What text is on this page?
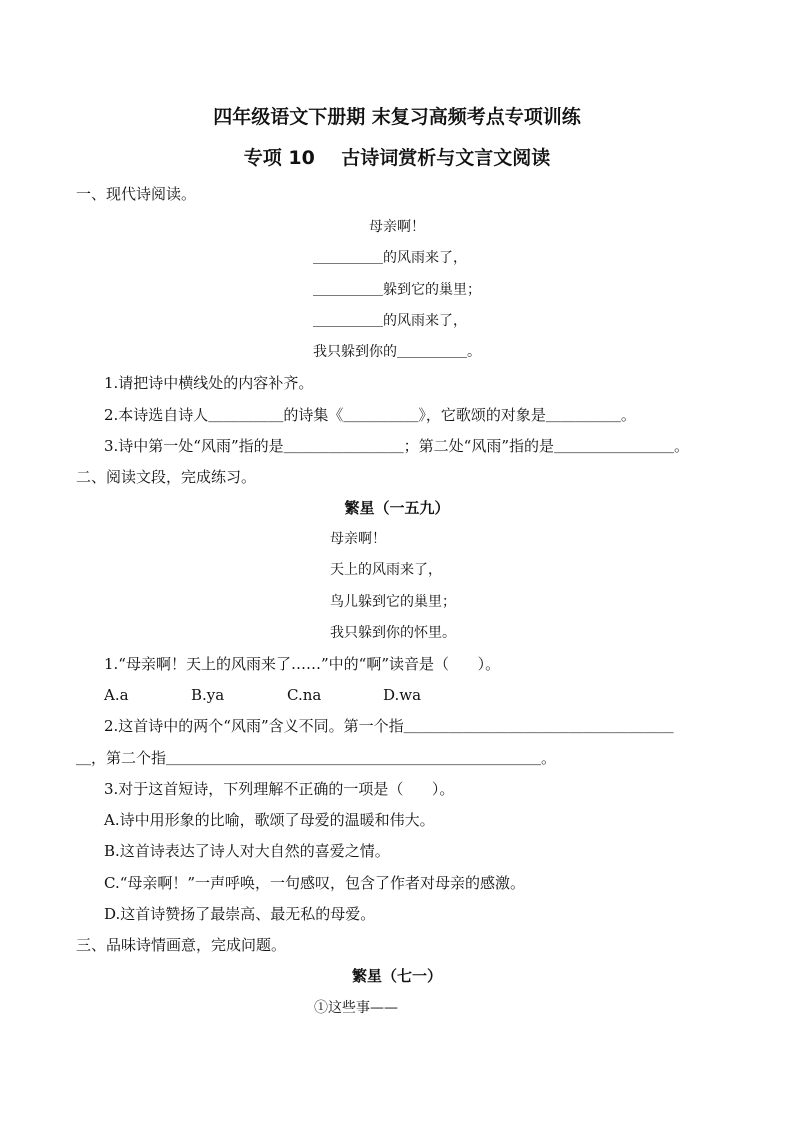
四年级语文下册期 末复习高频考点专项训练
专项 10    古诗词赏析与文言文阅读
一、现代诗阅读。
母亲啊！
＿＿＿＿＿的风雨来了，
＿＿＿＿＿躲到它的巢里；
＿＿＿＿＿的风雨来了，
我只躲到你的＿＿＿＿＿。
1.请把诗中横线处的内容补齐。
2.本诗选自诗人＿＿＿＿＿的诗集《＿＿＿＿＿》，它歌颂的对象是＿＿＿＿＿。
3.诗中第一处“风雨”指的是＿＿＿＿＿＿＿＿；第二处“风雨”指的是＿＿＿＿＿＿＿＿。
二、阅读文段，完成练习。
繁星（一五九）
母亲啊！
天上的风雨来了，
鸟儿躲到它的巢里；
我只躲到你的怀里。
1.“母亲啊！天上的风雨来了……”中的“啊”读音是（      ）。
A.a	B.ya	C.na	D.wa
2.这首诗中的两个“风雨”含义不同。第一个指＿＿＿＿＿＿＿＿＿＿＿＿＿＿＿＿＿＿
＿，第二个指＿＿＿＿＿＿＿＿＿＿＿＿＿＿＿＿＿＿＿＿＿＿＿＿＿。
3.对于这首短诗，下列理解不正确的一项是（      ）。
A.诗中用形象的比喻，歌颂了母爱的温暖和伟大。
B.这首诗表达了诗人对大自然的喜爱之情。
C.“母亲啊！”一声呼唤，一句感叹，包含了作者对母亲的感激。
D.这首诗赞扬了最崇高、最无私的母爱。
三、品味诗情画意，完成问题。
繁星（七一）
①这些事——
